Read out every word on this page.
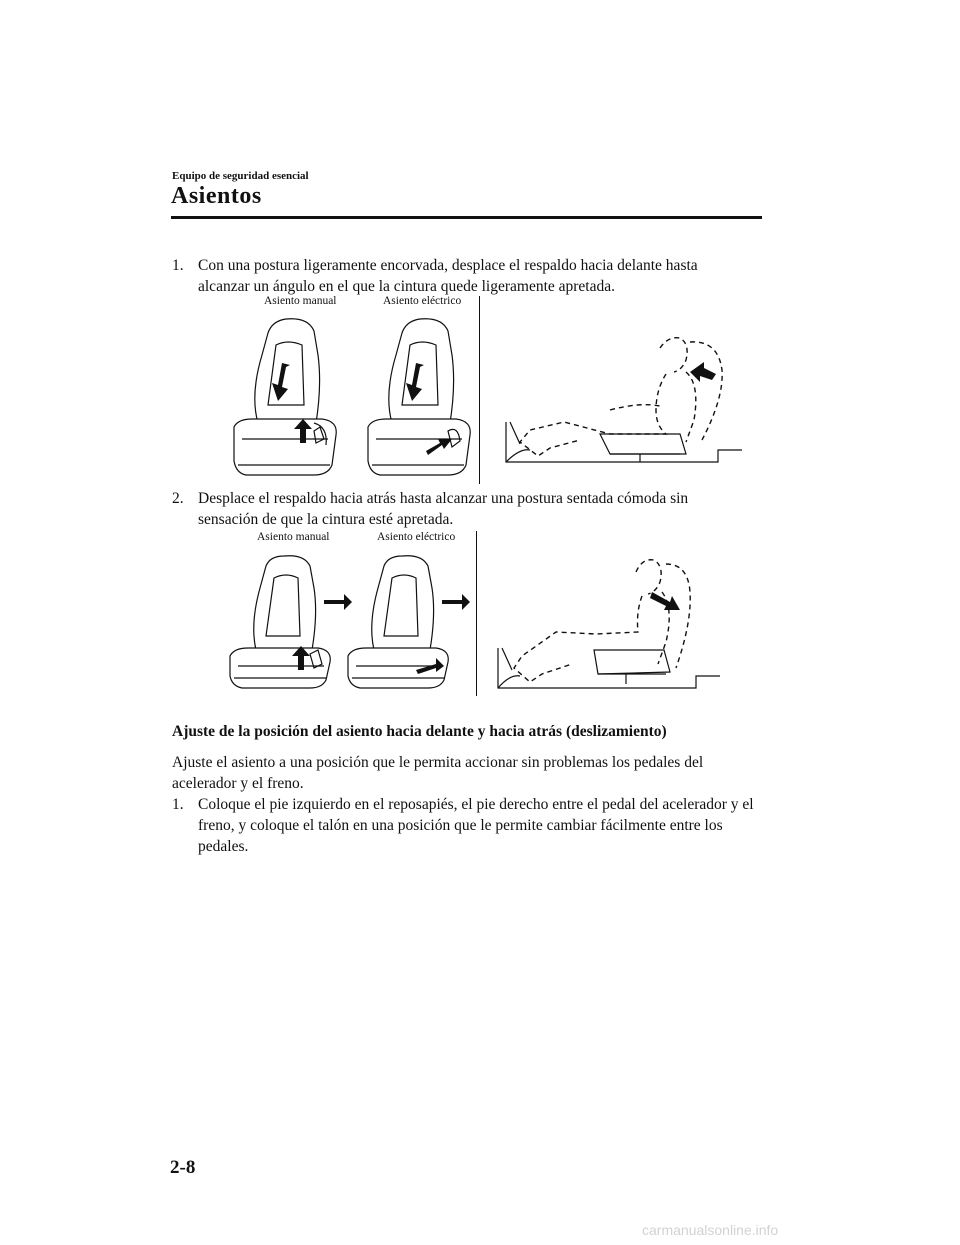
Equipo de seguridad esencial
Asientos
1. Con una postura ligeramente encorvada, desplace el respaldo hacia delante hasta alcanzar un ángulo en el que la cintura quede ligeramente apretada.
Asiento manual	Asiento eléctrico
2. Desplace el respaldo hacia atrás hasta alcanzar una postura sentada cómoda sin sensación de que la cintura esté apretada.
Asiento manual	Asiento eléctrico
Ajuste de la posición del asiento hacia delante y hacia atrás (deslizamiento)
Ajuste el asiento a una posición que le permita accionar sin problemas los pedales del acelerador y el freno.
1. Coloque el pie izquierdo en el reposapiés, el pie derecho entre el pedal del acelerador y el freno, y coloque el talón en una posición que le permite cambiar fácilmente entre los pedales.
2-8
carmanualsonline.info
